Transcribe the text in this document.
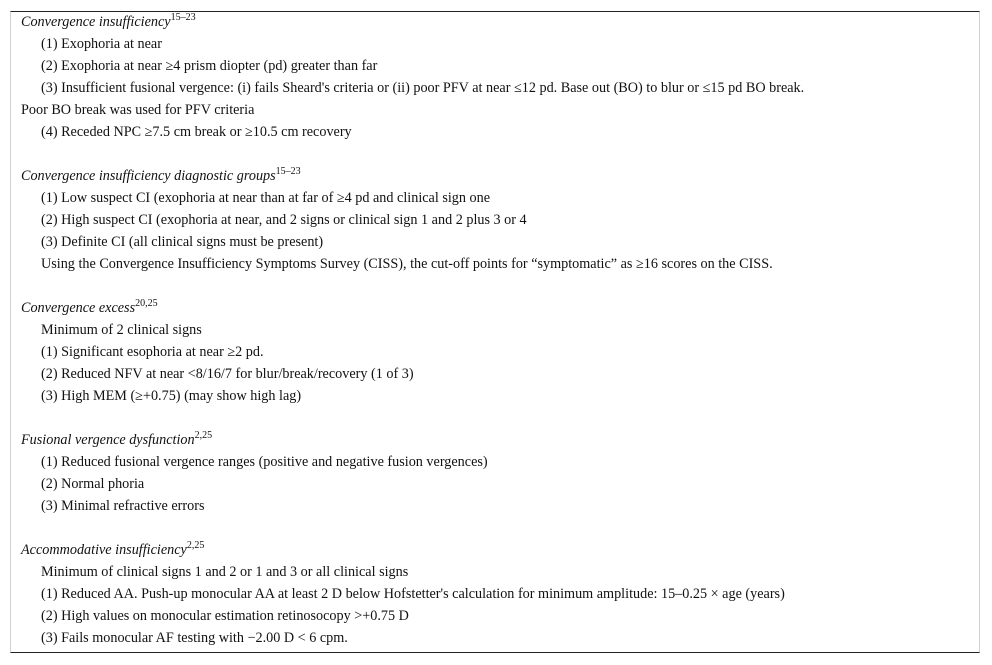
Convergence insufficiency$^{15-23}$
(1) Exophoria at near
(2) Exophoria at near ≥4 prism diopter (pd) greater than far
(3) Insufficient fusional vergence: (i) fails Sheard's criteria or (ii) poor PFV at near ≤12 pd. Base out (BO) to blur or ≤15 pd BO break.
Poor BO break was used for PFV criteria
(4) Receded NPC ≥7.5 cm break or ≥10.5 cm recovery
Convergence insufficiency diagnostic groups$^{15-23}$
(1) Low suspect CI (exophoria at near than at far of ≥4 pd and clinical sign one
(2) High suspect CI (exophoria at near, and 2 signs or clinical sign 1 and 2 plus 3 or 4
(3) Definite CI (all clinical signs must be present)
Using the Convergence Insufficiency Symptoms Survey (CISS), the cut-off points for “symptomatic” as ≥16 scores on the CISS.
Convergence excess$^{20,25}$
Minimum of 2 clinical signs
(1) Significant esophoria at near ≥2 pd.
(2) Reduced NFV at near <8/16/7 for blur/break/recovery (1 of 3)
(3) High MEM (≥+0.75) (may show high lag)
Fusional vergence dysfunction$^{2,25}$
(1) Reduced fusional vergence ranges (positive and negative fusion vergences)
(2) Normal phoria
(3) Minimal refractive errors
Accommodative insufficiency$^{2,25}$
Minimum of clinical signs 1 and 2 or 1 and 3 or all clinical signs
(1) Reduced AA. Push-up monocular AA at least 2 D below Hofstetter's calculation for minimum amplitude: 15–0.25 × age (years)
(2) High values on monocular estimation retinosocopy >+0.75 D
(3) Fails monocular AF testing with −2.00 D < 6 cpm.
